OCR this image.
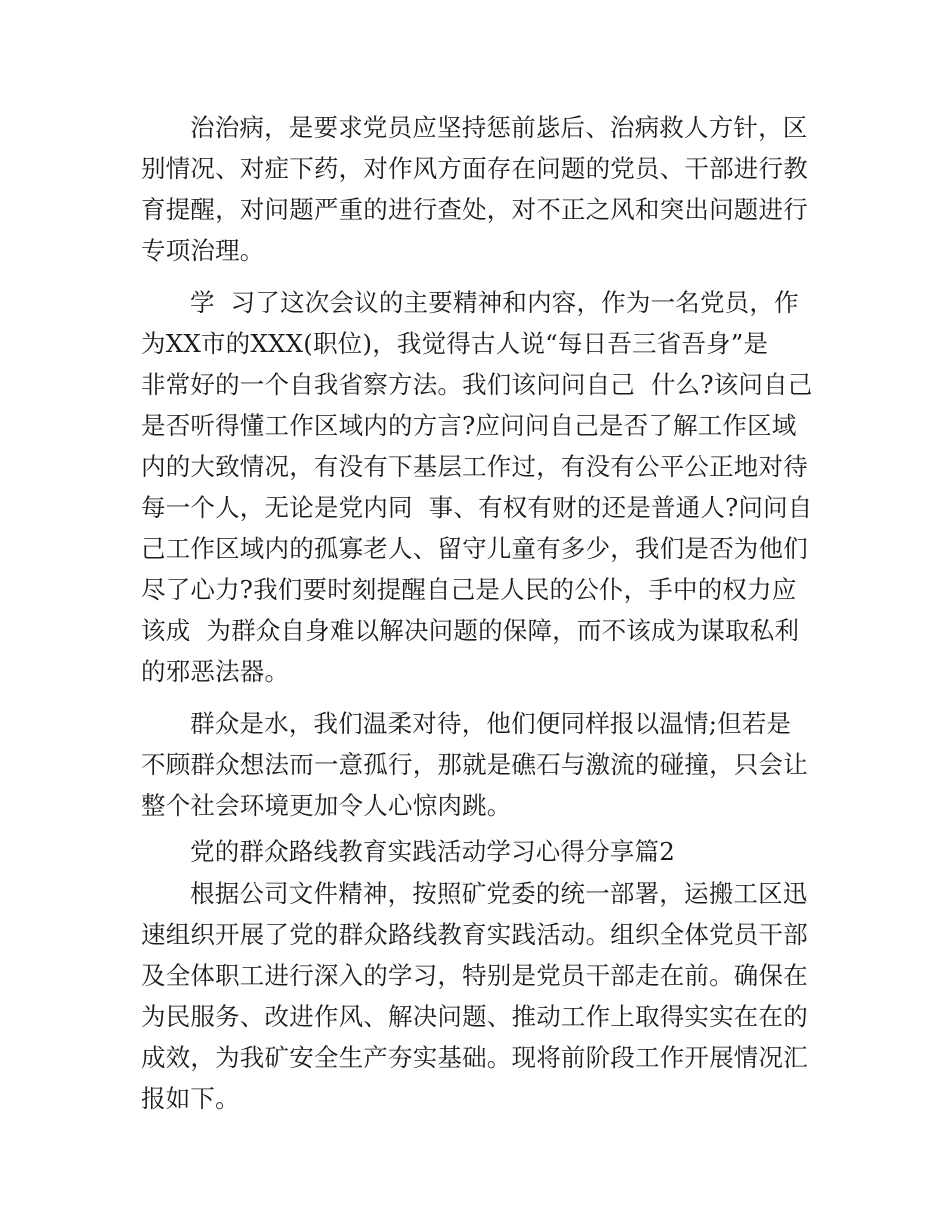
治治病，是要求党员应坚持惩前毖后、治病救人方针，区
别情况、对症下药，对作风方面存在问题的党员、干部进行教
育提醒，对问题严重的进行查处，对不正之风和突出问题进行
专项治理。
学  习了这次会议的主要精神和内容，作为一名党员，作
为XX市的XXX(职位)，我觉得古人说“每日吾三省吾身”是
非常好的一个自我省察方法。我们该问问自己  什么?该问自己
是否听得懂工作区域内的方言?应问问自己是否了解工作区域
内的大致情况，有没有下基层工作过，有没有公平公正地对待
每一个人，无论是党内同  事、有权有财的还是普通人?问问自
己工作区域内的孤寡老人、留守儿童有多少，我们是否为他们
尽了心力?我们要时刻提醒自己是人民的公仆，手中的权力应
该成  为群众自身难以解决问题的保障，而不该成为谋取私利
的邪恶法器。
群众是水，我们温柔对待，他们便同样报以温情;但若是
不顾群众想法而一意孤行，那就是礁石与激流的碰撞，只会让
整个社会环境更加令人心惊肉跳。
党的群众路线教育实践活动学习心得分享篇2
根据公司文件精神，按照矿党委的统一部署，运搬工区迅
速组织开展了党的群众路线教育实践活动。组织全体党员干部
及全体职工进行深入的学习，特别是党员干部走在前。确保在
为民服务、改进作风、解决问题、推动工作上取得实实在在的
成效，为我矿安全生产夯实基础。现将前阶段工作开展情况汇
报如下。
